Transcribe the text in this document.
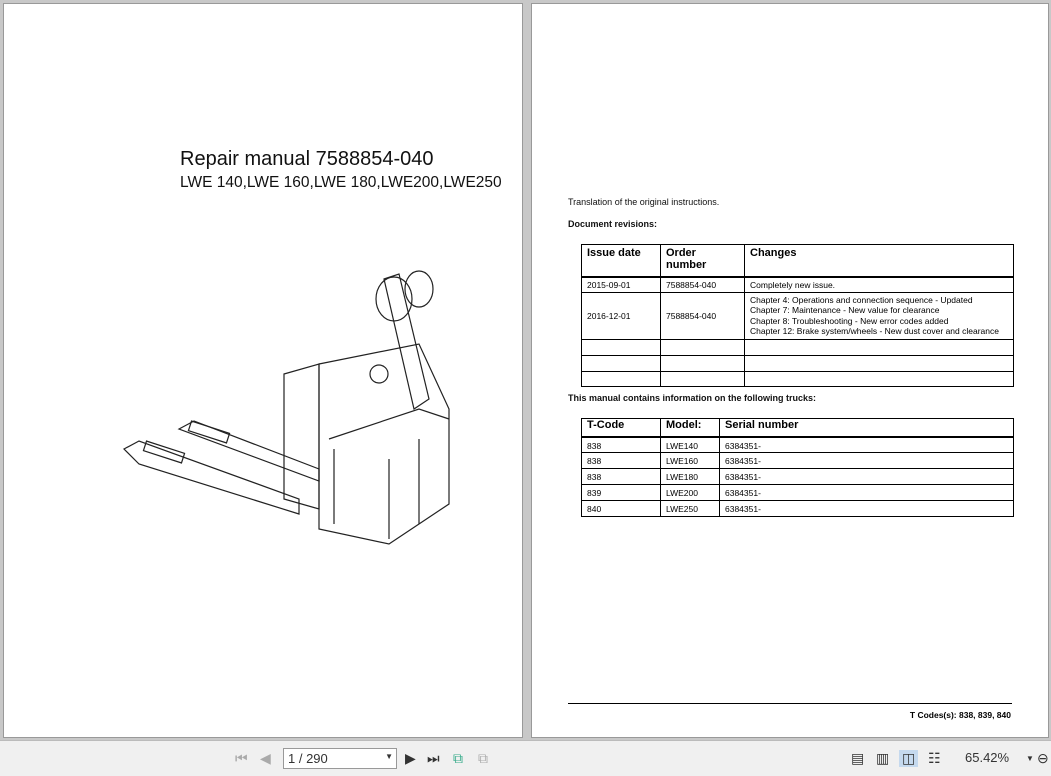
Repair manual 7588854-040
LWE 140,LWE 160,LWE 180,LWE200,LWE250
Translation of the original instructions.
Document revisions:
Issue date	Order number	Changes
2015-09-01	7588854-040	Completely new issue.
2016-12-01	7588854-040	Chapter 4: Operations and connection sequence - Updated
Chapter 7: Maintenance - New value for clearance
Chapter 8: Troubleshooting - New error codes added
Chapter 12: Brake system/wheels - New dust cover and clearance

This manual contains information on the following trucks:
T-Code	Model:	Serial number
838	LWE140	6384351-
838	LWE160	6384351-
838	LWE180	6384351-
839	LWE200	6384351-
840	LWE250	6384351-
T Codes(s): 838, 839, 840
⏮ ◀	1 / 290	▼ ▶ ⏭ ⧉ ⧉	▤ ▥ ◫ ☷ 65.42% ▼ ⊖
